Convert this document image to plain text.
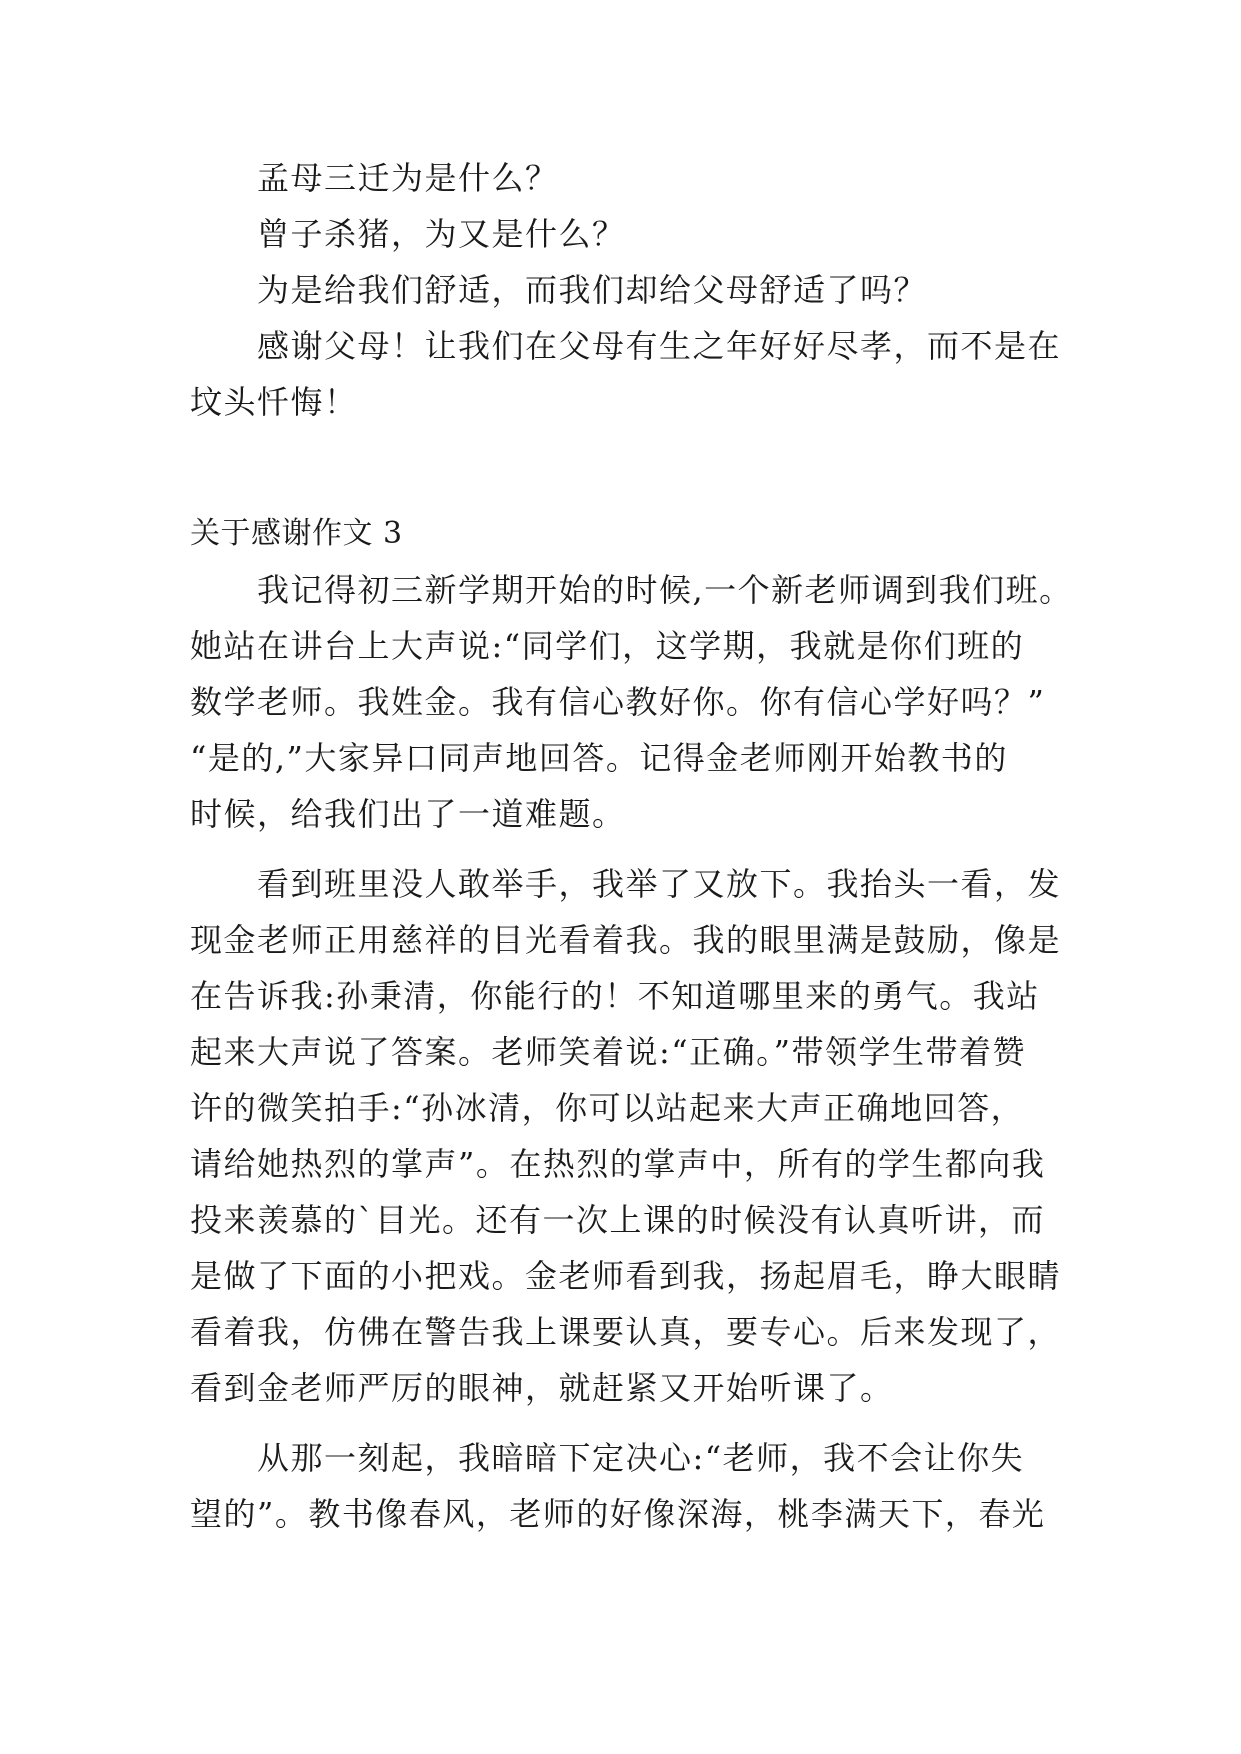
孟母三迁为是什么？
曾子杀猪，为又是什么？
为是给我们舒适，而我们却给父母舒适了吗？
感谢父母！让我们在父母有生之年好好尽孝，而不是在
坟头忏悔！
关于感谢作文 3
我记得初三新学期开始的时候,一个新老师调到我们班。
她站在讲台上大声说:“同学们，这学期，我就是你们班的
数学老师。我姓金。我有信心教好你。你有信心学好吗？”
“是的,”大家异口同声地回答。记得金老师刚开始教书的
时候，给我们出了一道难题。
看到班里没人敢举手，我举了又放下。我抬头一看，发
现金老师正用慈祥的目光看着我。我的眼里满是鼓励，像是
在告诉我:孙秉清，你能行的！不知道哪里来的勇气。我站
起来大声说了答案。老师笑着说:“正确。”带领学生带着赞
许的微笑拍手:“孙冰清，你可以站起来大声正确地回答，
请给她热烈的掌声”。在热烈的掌声中，所有的学生都向我
投来羡慕的`目光。还有一次上课的时候没有认真听讲，而
是做了下面的小把戏。金老师看到我，扬起眉毛，睁大眼睛
看着我，仿佛在警告我上课要认真，要专心。后来发现了，
看到金老师严厉的眼神，就赶紧又开始听课了。
从那一刻起，我暗暗下定决心:“老师，我不会让你失
望的”。教书像春风，老师的好像深海，桃李满天下，春光
